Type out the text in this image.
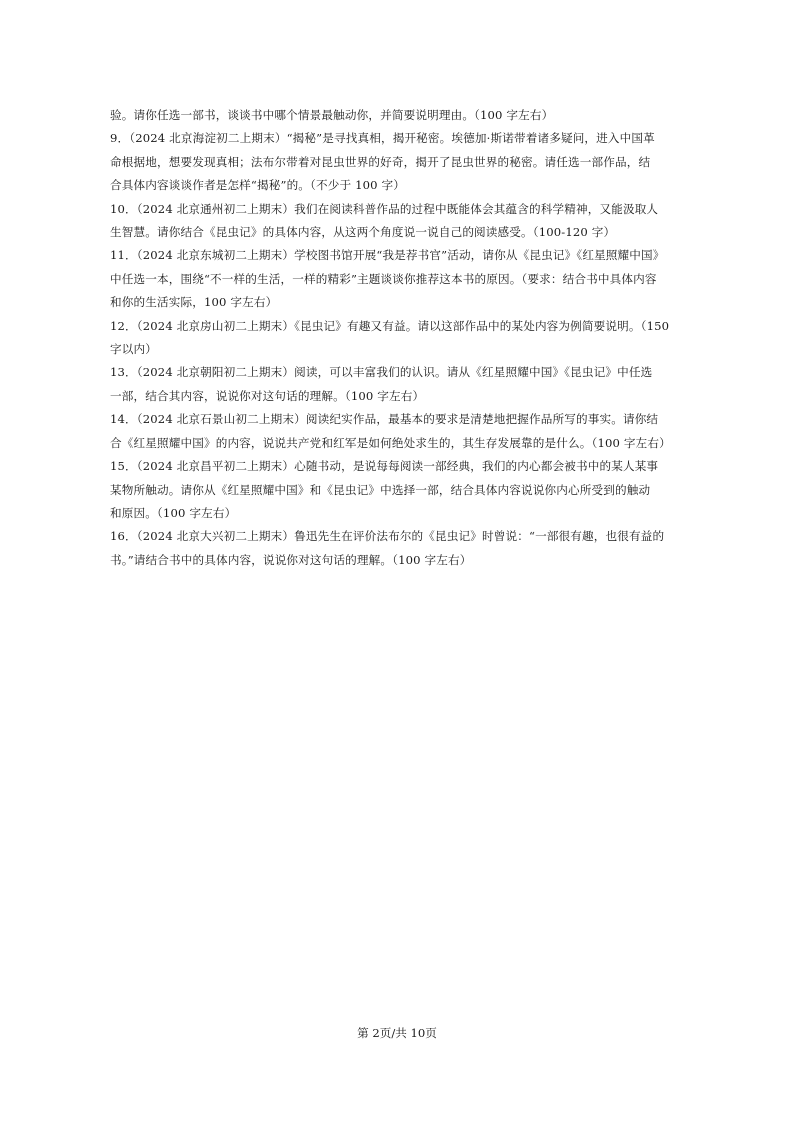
验。请你任选一部书，谈谈书中哪个情景最触动你，并简要说明理由。（100 字左右）
9．（2024 北京海淀初二上期末）“揭秘”是寻找真相，揭开秘密。埃德加·斯诺带着诸多疑问，进入中国革
命根据地，想要发现真相；法布尔带着对昆虫世界的好奇，揭开了昆虫世界的秘密。请任选一部作品，结
合具体内容谈谈作者是怎样“揭秘”的。（不少于 100 字）
10．（2024 北京通州初二上期末）我们在阅读科普作品的过程中既能体会其蕴含的科学精神，又能汲取人
生智慧。请你结合《昆虫记》的具体内容，从这两个角度说一说自己的阅读感受。（100-120 字）
11．（2024 北京东城初二上期末）学校图书馆开展“我是荐书官”活动，请你从《昆虫记》《红星照耀中国》
中任选一本，围绕“不一样的生活，一样的精彩”主题谈谈你推荐这本书的原因。（要求：结合书中具体内容
和你的生活实际，100 字左右）
12．（2024 北京房山初二上期末）《昆虫记》有趣又有益。请以这部作品中的某处内容为例简要说明。（150
字以内）
13．（2024 北京朝阳初二上期末）阅读，可以丰富我们的认识。请从《红星照耀中国》《昆虫记》中任选
一部，结合其内容，说说你对这句话的理解。（100 字左右）
14．（2024 北京石景山初二上期末）阅读纪实作品，最基本的要求是清楚地把握作品所写的事实。请你结
合《红星照耀中国》的内容，说说共产党和红军是如何绝处求生的，其生存发展靠的是什么。（100 字左右）
15．（2024 北京昌平初二上期末）心随书动，是说每每阅读一部经典，我们的内心都会被书中的某人某事
某物所触动。请你从《红星照耀中国》和《昆虫记》中选择一部，结合具体内容说说你内心所受到的触动
和原因。（100 字左右）
16．（2024 北京大兴初二上期末）鲁迅先生在评价法布尔的《昆虫记》时曾说：“一部很有趣，也很有益的
书。”请结合书中的具体内容，说说你对这句话的理解。（100 字左右）
第 2页/共 10页
